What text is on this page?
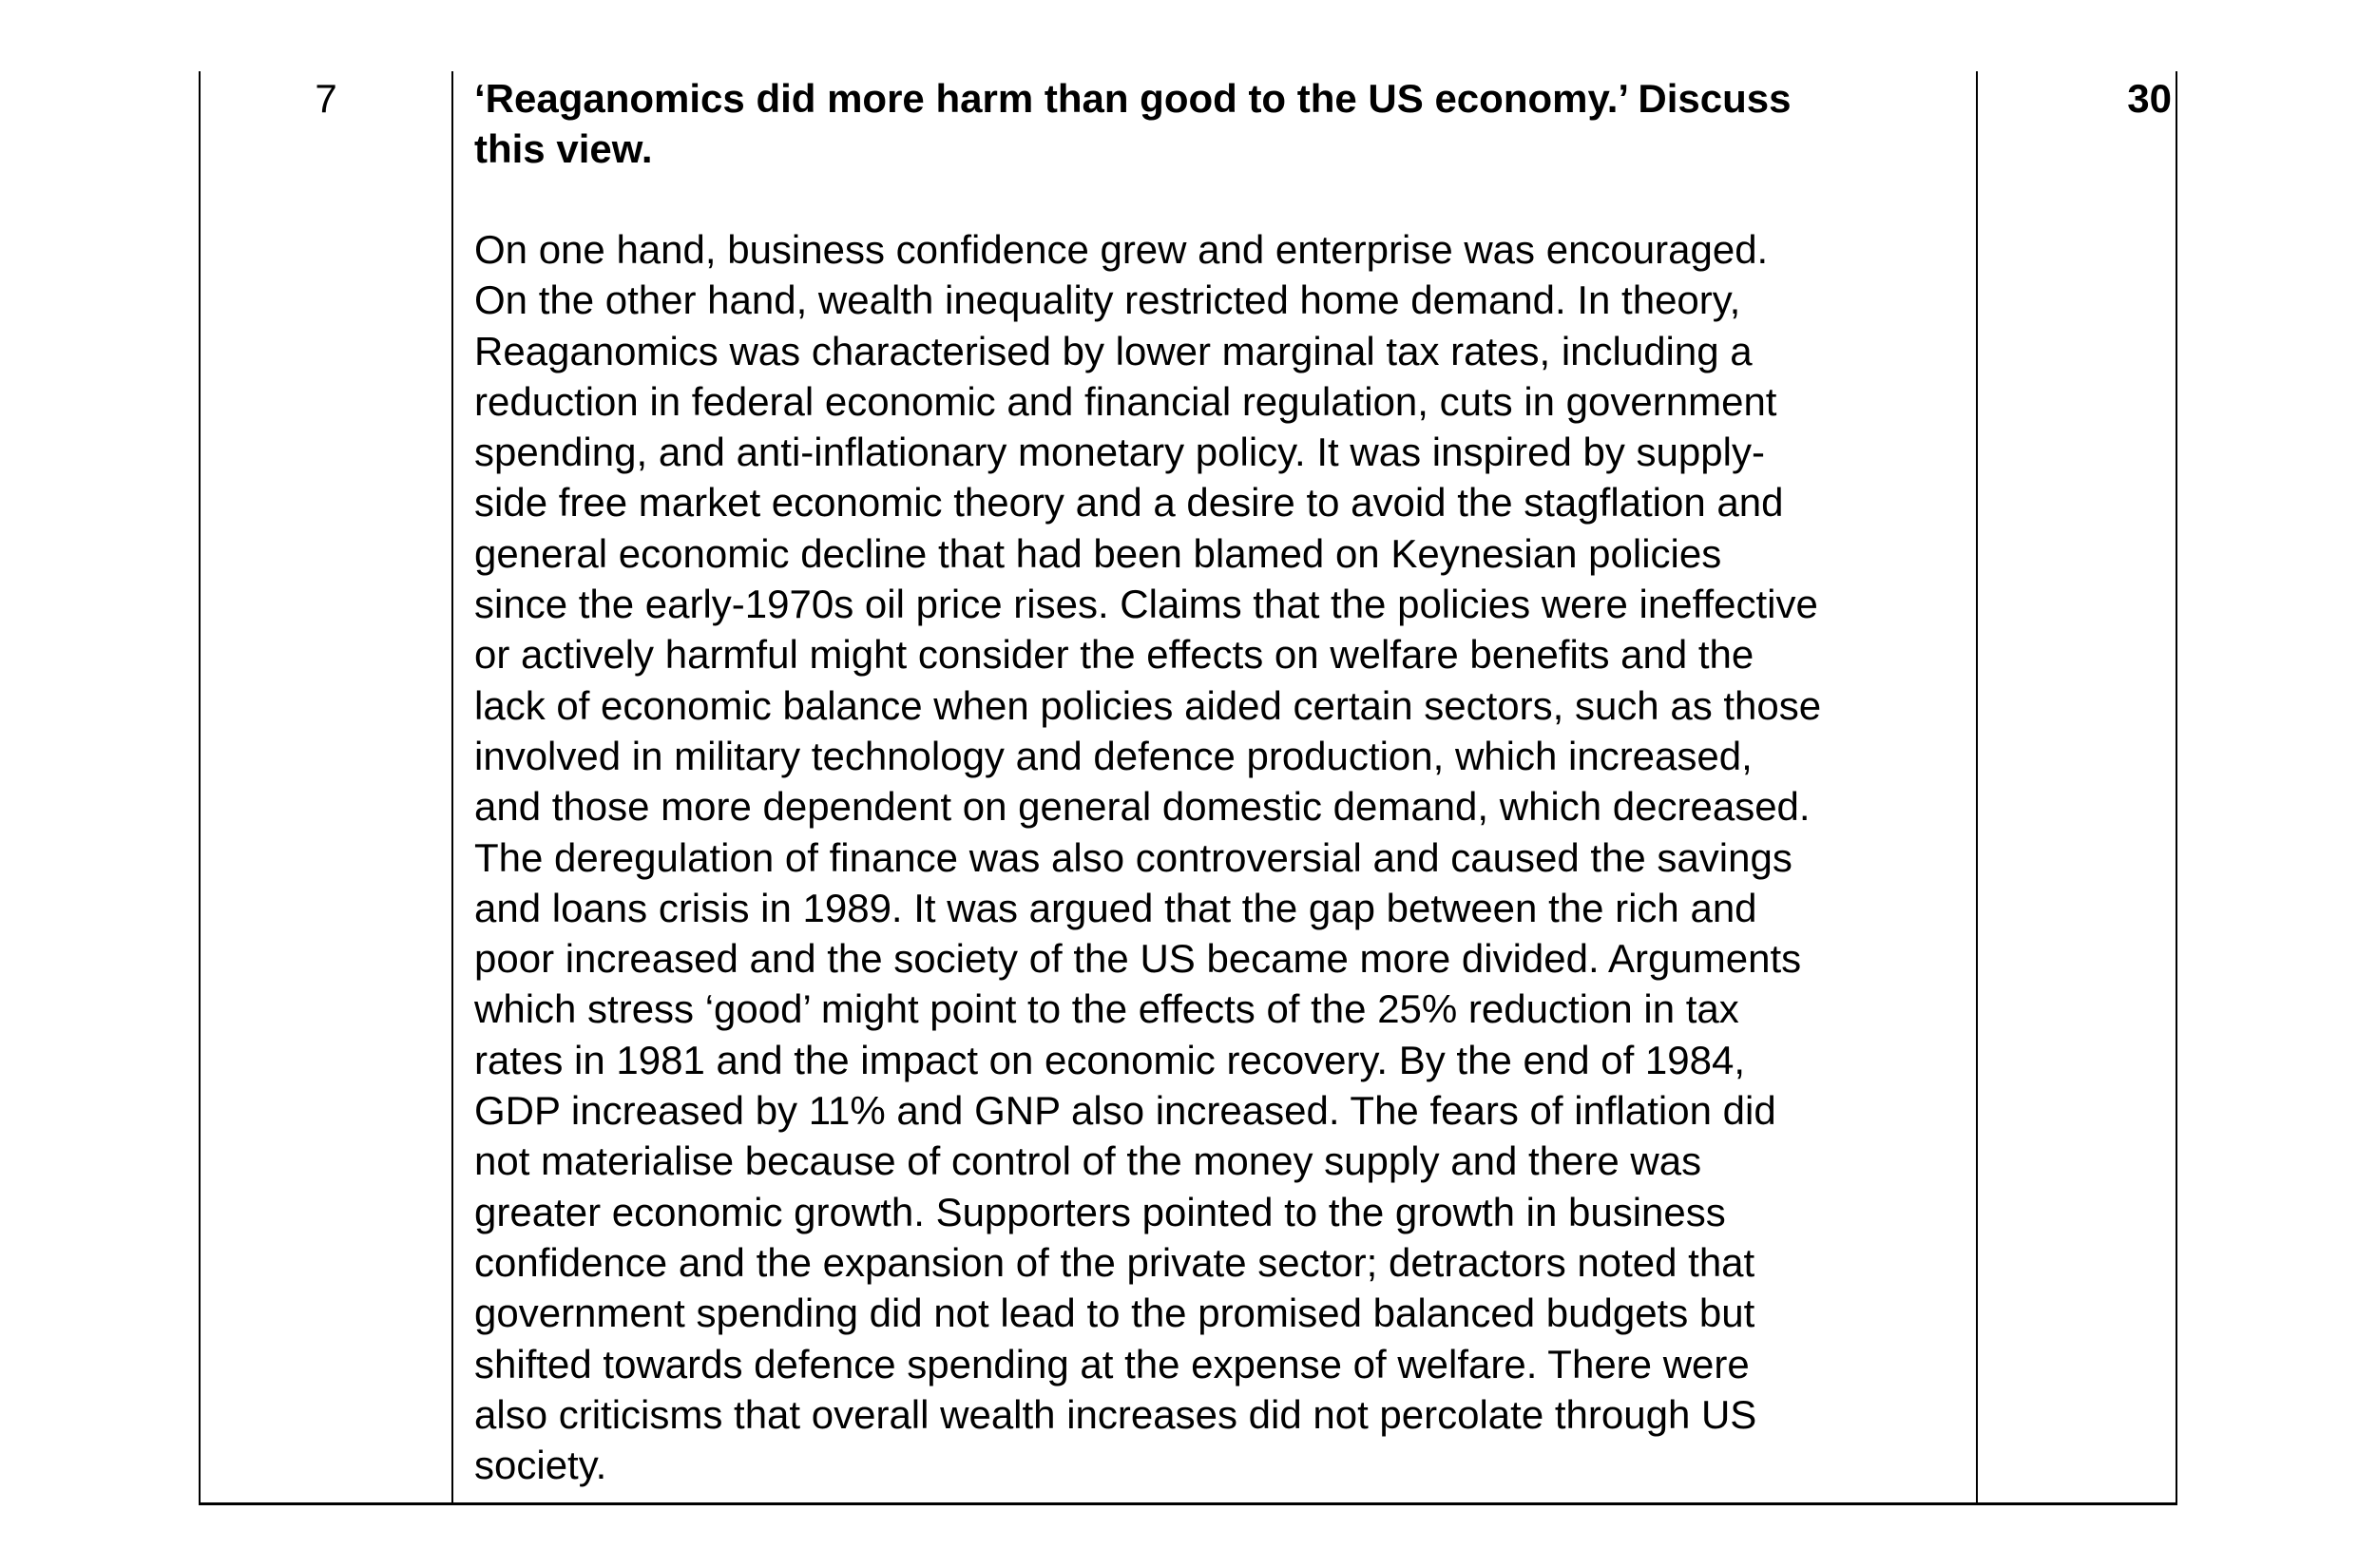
7	‘Reaganomics did more harm than good to the US economy.’ Discuss
this view.

On one hand, business confidence grew and enterprise was encouraged.
On the other hand, wealth inequality restricted home demand. In theory,
Reaganomics was characterised by lower marginal tax rates, including a
reduction in federal economic and financial regulation, cuts in government
spending, and anti-inflationary monetary policy. It was inspired by supply-
side free market economic theory and a desire to avoid the stagflation and
general economic decline that had been blamed on Keynesian policies
since the early-1970s oil price rises. Claims that the policies were ineffective
or actively harmful might consider the effects on welfare benefits and the
lack of economic balance when policies aided certain sectors, such as those
involved in military technology and defence production, which increased,
and those more dependent on general domestic demand, which decreased.
The deregulation of finance was also controversial and caused the savings
and loans crisis in 1989. It was argued that the gap between the rich and
poor increased and the society of the US became more divided. Arguments
which stress ‘good’ might point to the effects of the 25% reduction in tax
rates in 1981 and the impact on economic recovery. By the end of 1984,
GDP increased by 11% and GNP also increased. The fears of inflation did
not materialise because of control of the money supply and there was
greater economic growth. Supporters pointed to the growth in business
confidence and the expansion of the private sector; detractors noted that
government spending did not lead to the promised balanced budgets but
shifted towards defence spending at the expense of welfare. There were
also criticisms that overall wealth increases did not percolate through US
society.

30
